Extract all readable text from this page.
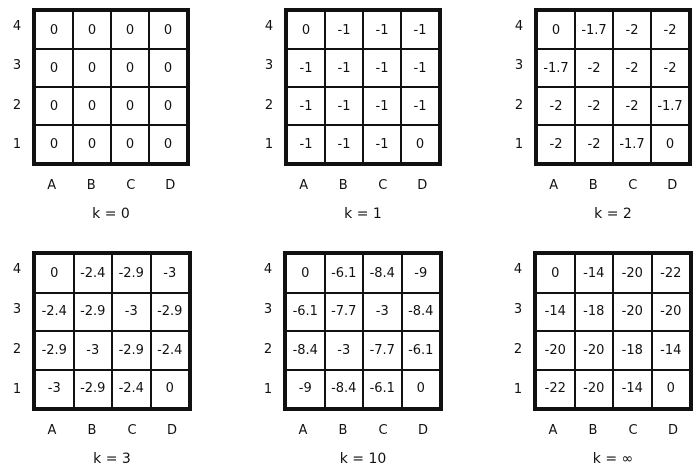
0	0	0	0
0	0	0	0
0	0	0	0
0	0	0	0
4
3
2
1
A	B	C	D
k = 0
0	-1	-1	-1
-1	-1	-1	-1
-1	-1	-1	-1
-1	-1	-1	0
4
3
2
1
A	B	C	D
k = 1
0	-1.7	-2	-2
-1.7	-2	-2	-2
-2	-2	-2	-1.7
-2	-2	-1.7	0
4
3
2
1
A	B	C	D
k = 2
0	-2.4	-2.9	-3
-2.4	-2.9	-3	-2.9
-2.9	-3	-2.9	-2.4
-3	-2.9	-2.4	0
4
3
2
1
A	B	C	D
k = 3
0	-6.1	-8.4	-9
-6.1	-7.7	-3	-8.4
-8.4	-3	-7.7	-6.1
-9	-8.4	-6.1	0
4
3
2
1
A	B	C	D
k = 10
0	-14	-20	-22
-14	-18	-20	-20
-20	-20	-18	-14
-22	-20	-14	0
4
3
2
1
A	B	C	D
k = ∞
